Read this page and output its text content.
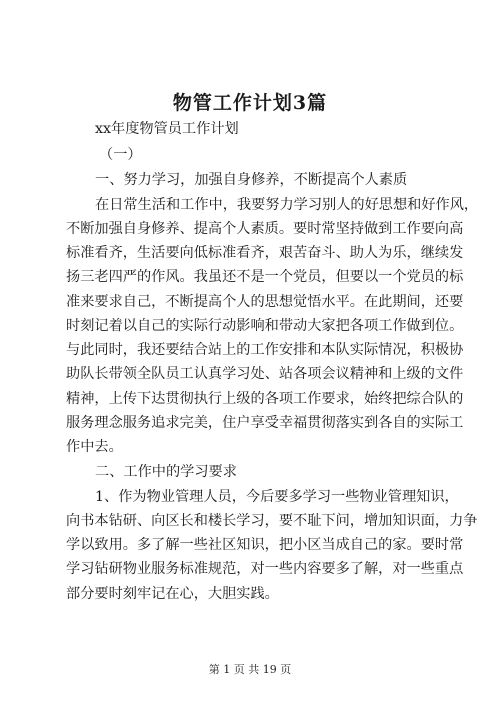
物管工作计划3篇
xx年度物管员工作计划
（一）
一、努力学习，加强自身修养，不断提高个人素质
在日常生活和工作中，我要努力学习别人的好思想和好作风，
不断加强自身修养、提高个人素质。要时常坚持做到工作要向高
标准看齐，生活要向低标准看齐，艰苦奋斗、助人为乐，继续发
扬三老四严的作风。我虽还不是一个党员，但要以一个党员的标
准来要求自己，不断提高个人的思想觉悟水平。在此期间，还要
时刻记着以自己的实际行动影响和带动大家把各项工作做到位。
与此同时，我还要结合站上的工作安排和本队实际情况，积极协
助队长带领全队员工认真学习处、站各项会议精神和上级的文件
精神，上传下达贯彻执行上级的各项工作要求，始终把综合队的
服务理念服务追求完美，住户享受幸福贯彻落实到各自的实际工
作中去。
二、工作中的学习要求
1、作为物业管理人员，今后要多学习一些物业管理知识，
向书本钻研、向区长和楼长学习，要不耻下问，增加知识面，力争
学以致用。多了解一些社区知识，把小区当成自己的家。要时常
学习钻研物业服务标准规范，对一些内容要多了解，对一些重点
部分要时刻牢记在心，大胆实践。
第 1 页 共 19 页
